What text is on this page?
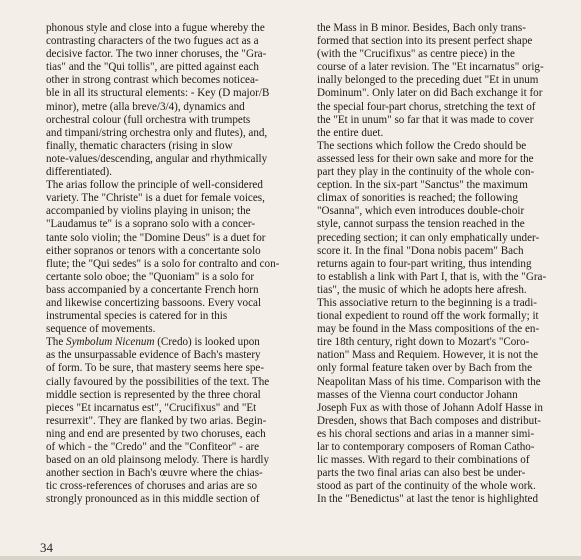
phonous style and close into a fugue whereby the
contrasting characters of the two fugues act as a
decisive factor. The two inner choruses, the "Gra-
tias" and the "Qui tollis", are pitted against each
other in strong contrast which becomes noticea-
ble in all its structural elements: - Key (D major/B
minor), metre (alla breve/3/4), dynamics and
orchestral colour (full orchestra with trumpets
and timpani/string orchestra only and flutes), and,
finally, thematic characters (rising in slow
note-values/descending, angular and rhythmically
differentiated).
The arias follow the principle of well-considered
variety. The "Christe" is a duet for female voices,
accompanied by violins playing in unison; the
"Laudamus te" is a soprano solo with a concer-
tante solo violin; the "Domine Deus" is a duet for
either sopranos or tenors with a concertante solo
flute; the "Qui sedes" is a solo for contralto and con-
certante solo oboe; the "Quoniam" is a solo for
bass accompanied by a concertante French horn
and likewise concertizing bassoons. Every vocal
instrumental species is catered for in this
sequence of movements.
The Symbolum Nicenum (Credo) is looked upon
as the unsurpassable evidence of Bach's mastery
of form. To be sure, that mastery seems here spe-
cially favoured by the possibilities of the text. The
middle section is represented by the three choral
pieces "Et incarnatus est", "Crucifixus" and "Et
resurrexit". They are flanked by two arias. Begin-
ning and end are presented by two choruses, each
of which - the "Credo" and the "Confiteor" - are
based on an old plainsong melody. There is hardly
another section in Bach's œuvre where the chias-
tic cross-references of choruses and arias are so
strongly pronounced as in this middle section of
the Mass in B minor. Besides, Bach only trans-
formed that section into its present perfect shape
(with the "Crucifixus" as centre piece) in the
course of a later revision. The "Et incarnatus" orig-
inally belonged to the preceding duet "Et in unum
Dominum". Only later on did Bach exchange it for
the special four-part chorus, stretching the text of
the "Et in unum" so far that it was made to cover
the entire duet.
The sections which follow the Credo should be
assessed less for their own sake and more for the
part they play in the continuity of the whole con-
ception. In the six-part "Sanctus" the maximum
climax of sonorities is reached; the following
"Osanna", which even introduces double-choir
style, cannot surpass the tension reached in the
preceding section; it can only emphatically under-
score it. In the final "Dona nobis pacem" Bach
returns again to four-part writing, thus intending
to establish a link with Part I, that is, with the "Gra-
tias", the music of which he adopts here afresh.
This associative return to the beginning is a tradi-
tional expedient to round off the work formally; it
may be found in the Mass compositions of the en-
tire 18th century, right down to Mozart's "Coro-
nation" Mass and Requiem. However, it is not the
only formal feature taken over by Bach from the
Neapolitan Mass of his time. Comparison with the
masses of the Vienna court conductor Johann
Joseph Fux as with those of Johann Adolf Hasse in
Dresden, shows that Bach composes and distribut-
es his choral sections and arias in a manner simi-
lar to contemporary composers of Roman Catho-
lic masses. With regard to their combinations of
parts the two final arias can also best be under-
stood as part of the continuity of the whole work.
In the "Benedictus" at last the tenor is highlighted
34
